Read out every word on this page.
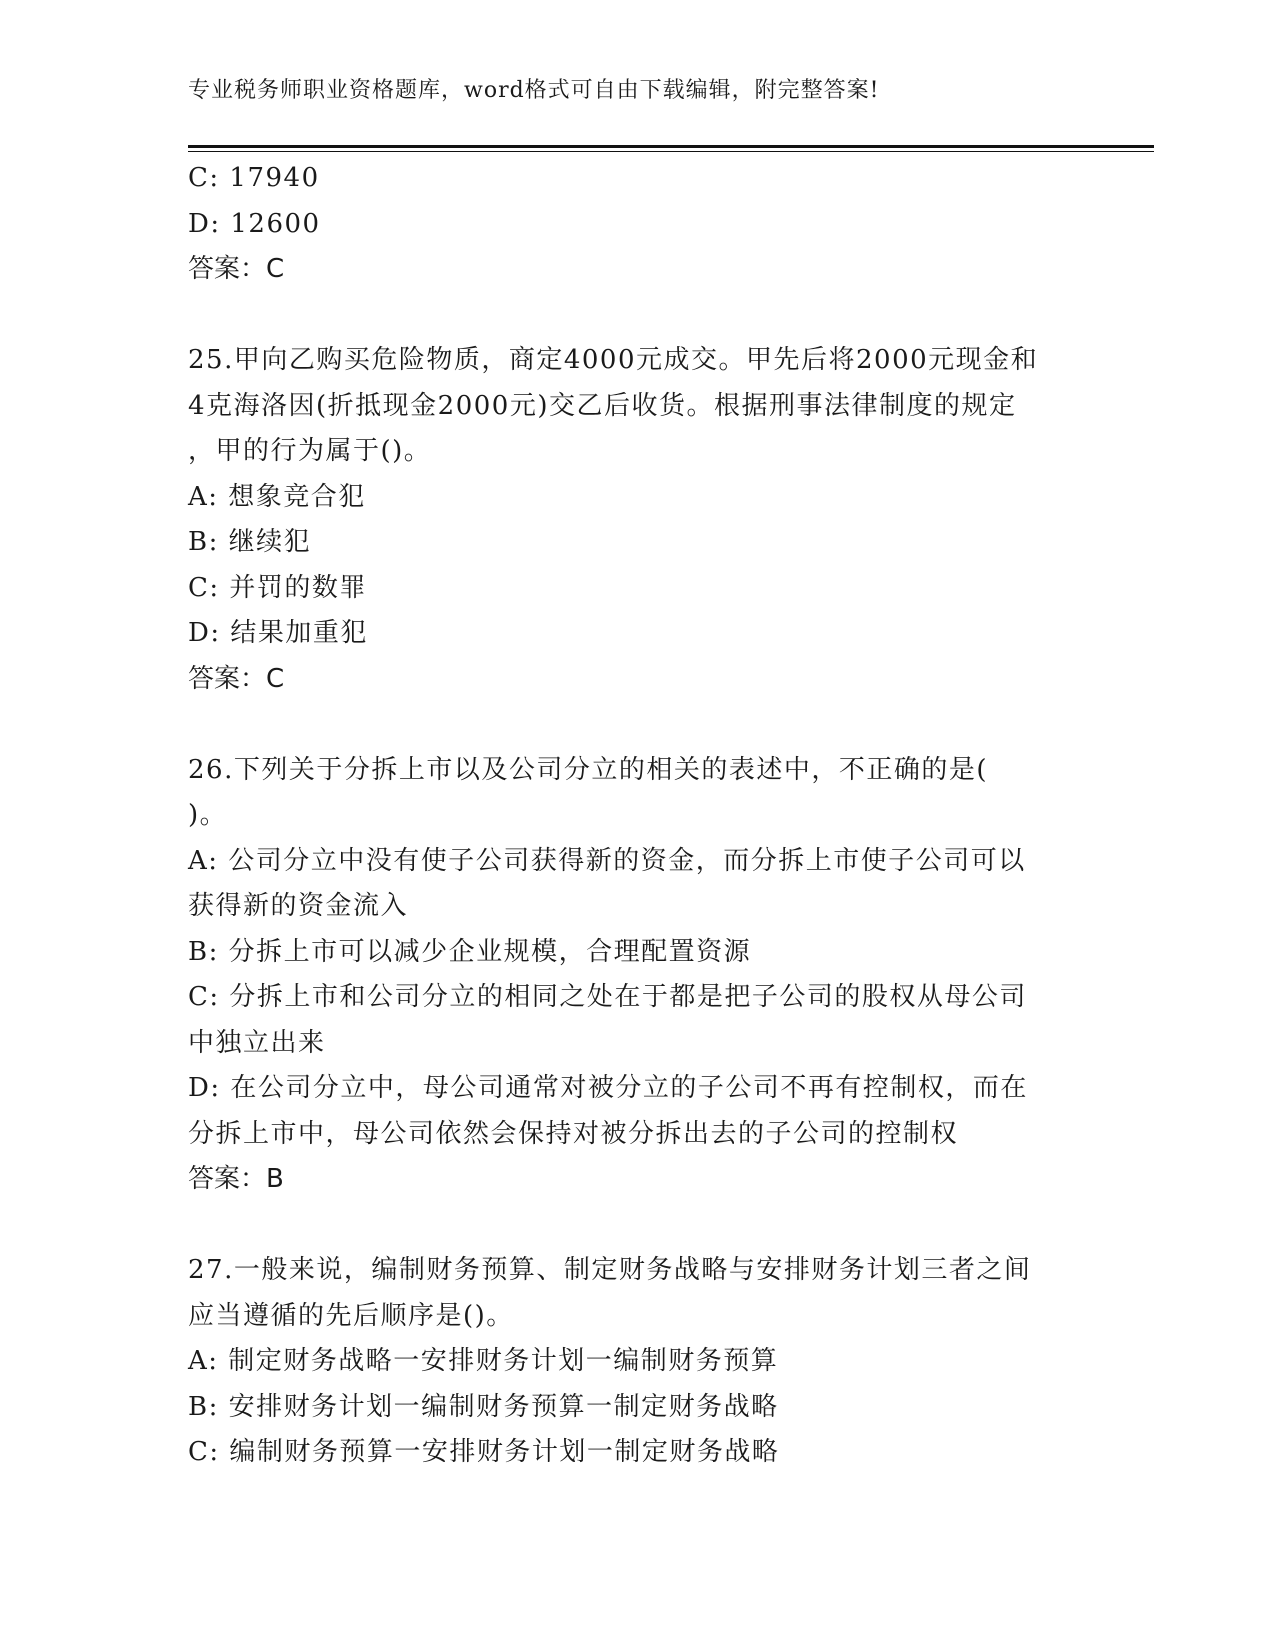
专业税务师职业资格题库，word格式可自由下载编辑，附完整答案!
C: 17940
D: 12600
答案：C
25.甲向乙购买危险物质，商定4000元成交。甲先后将2000元现金和
4克海洛因(折抵现金2000元)交乙后收货。根据刑事法律制度的规定
，甲的行为属于()。
A: 想象竞合犯
B: 继续犯
C: 并罚的数罪
D: 结果加重犯
答案：C
26.下列关于分拆上市以及公司分立的相关的表述中，不正确的是(
)。
A: 公司分立中没有使子公司获得新的资金，而分拆上市使子公司可以
获得新的资金流入
B: 分拆上市可以减少企业规模，合理配置资源
C: 分拆上市和公司分立的相同之处在于都是把子公司的股权从母公司
中独立出来
D: 在公司分立中，母公司通常对被分立的子公司不再有控制权，而在
分拆上市中，母公司依然会保持对被分拆出去的子公司的控制权
答案：B
27.一般来说，编制财务预算、制定财务战略与安排财务计划三者之间
应当遵循的先后顺序是()。
A: 制定财务战略一安排财务计划一编制财务预算
B: 安排财务计划一编制财务预算一制定财务战略
C: 编制财务预算一安排财务计划一制定财务战略
